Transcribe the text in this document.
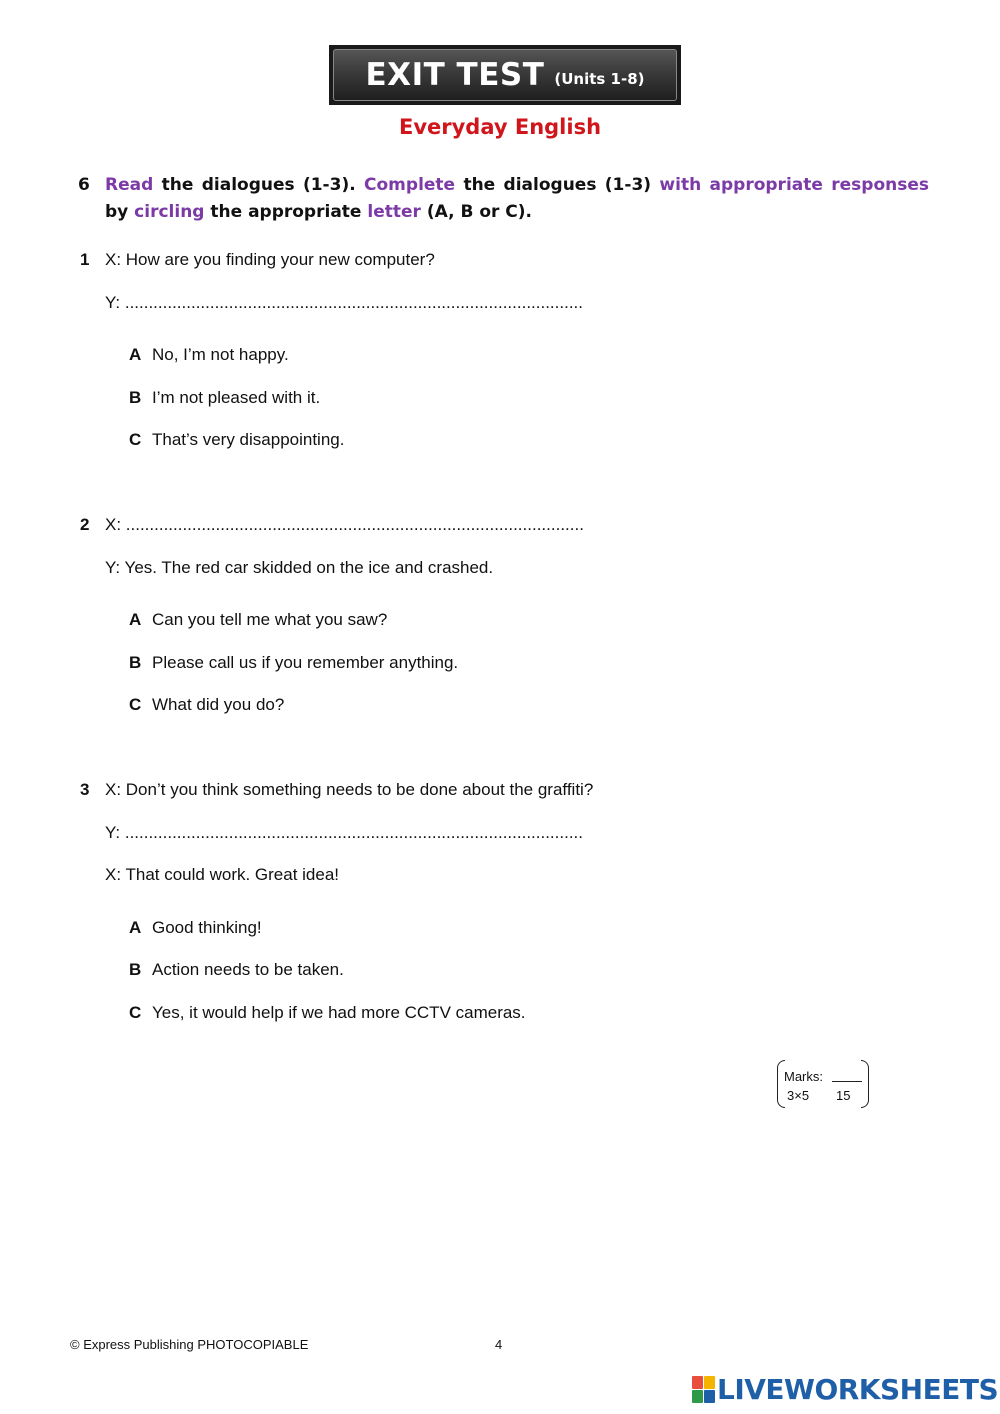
EXIT TEST (Units 1-8)
Everyday English
6 Read the dialogues (1-3). Complete the dialogues (1-3) with appropriate responses by circling the appropriate letter (A, B or C).
1 X: How are you finding your new computer?
Y: .................................................................................................
A No, I’m not happy.
B I’m not pleased with it.
C That’s very disappointing.
2 X: .................................................................................................
Y: Yes. The red car skidded on the ice and crashed.
A Can you tell me what you saw?
B Please call us if you remember anything.
C What did you do?
3 X: Don’t you think something needs to be done about the graffiti?
Y: .................................................................................................
X: That could work. Great idea!
A Good thinking!
B Action needs to be taken.
C Yes, it would help if we had more CCTV cameras.
Marks:
3×5 15
© Express Publishing PHOTOCOPIABLE	4
LIVEWORKSHEETS
